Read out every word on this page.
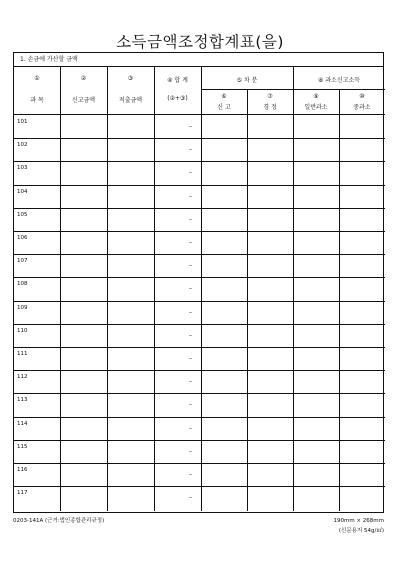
소득금액조정합계표(을)
1. 손금에 가산할 금액
①
과 목
②
신고금액
③
적출금액
④ 합 계
(②+③)
⑤ 차 분
⑥
신 고
⑦
경 정
⑧ 과소신고소득
⑨
일반과소
⑩
중과소
101
–
102
–
103
–
104
–
105
–
106
–
107
–
108
–
109
–
110
–
111
–
112
–
113
–
114
–
115
–
116
–
117
–
0203-141A (근거:법인종합관리규정)	190mm × 268mm
(신문용지 54g/㎡)
